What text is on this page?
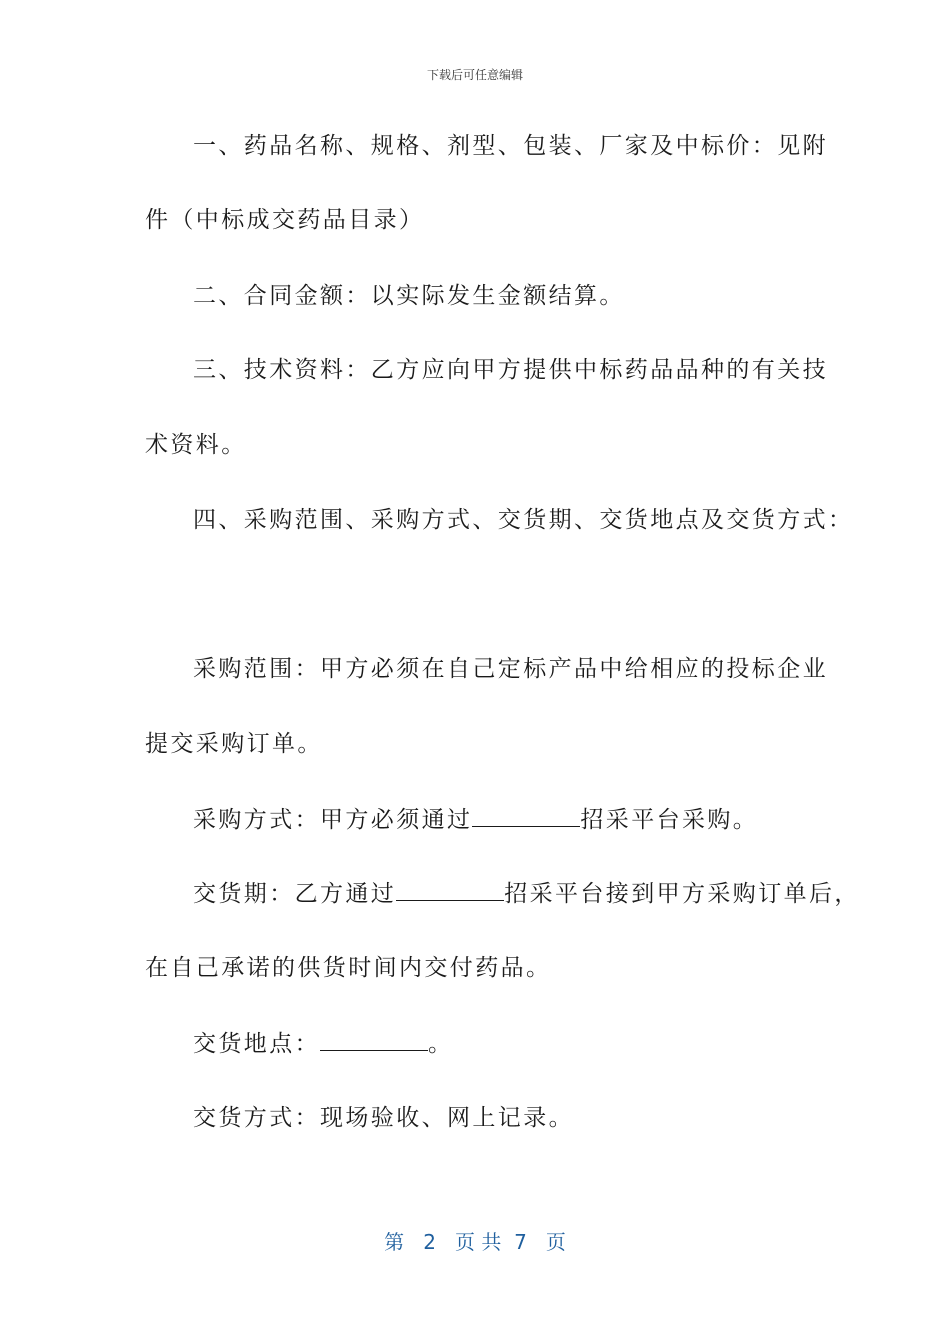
下载后可任意编辑
一、药品名称、规格、剂型、包装、厂家及中标价：见附
件（中标成交药品目录）
二、合同金额：以实际发生金额结算。
三、技术资料：乙方应向甲方提供中标药品品种的有关技
术资料。
四、采购范围、采购方式、交货期、交货地点及交货方式：
采购范围：甲方必须在自己定标产品中给相应的投标企业
提交采购订单。
采购方式：甲方必须通过	招采平台采购。
交货期：乙方通过	招采平台接到甲方采购订单后，
在自己承诺的供货时间内交付药品。
交货地点：	。
交货方式：现场验收、网上记录。
第 2 页 共 7 页
